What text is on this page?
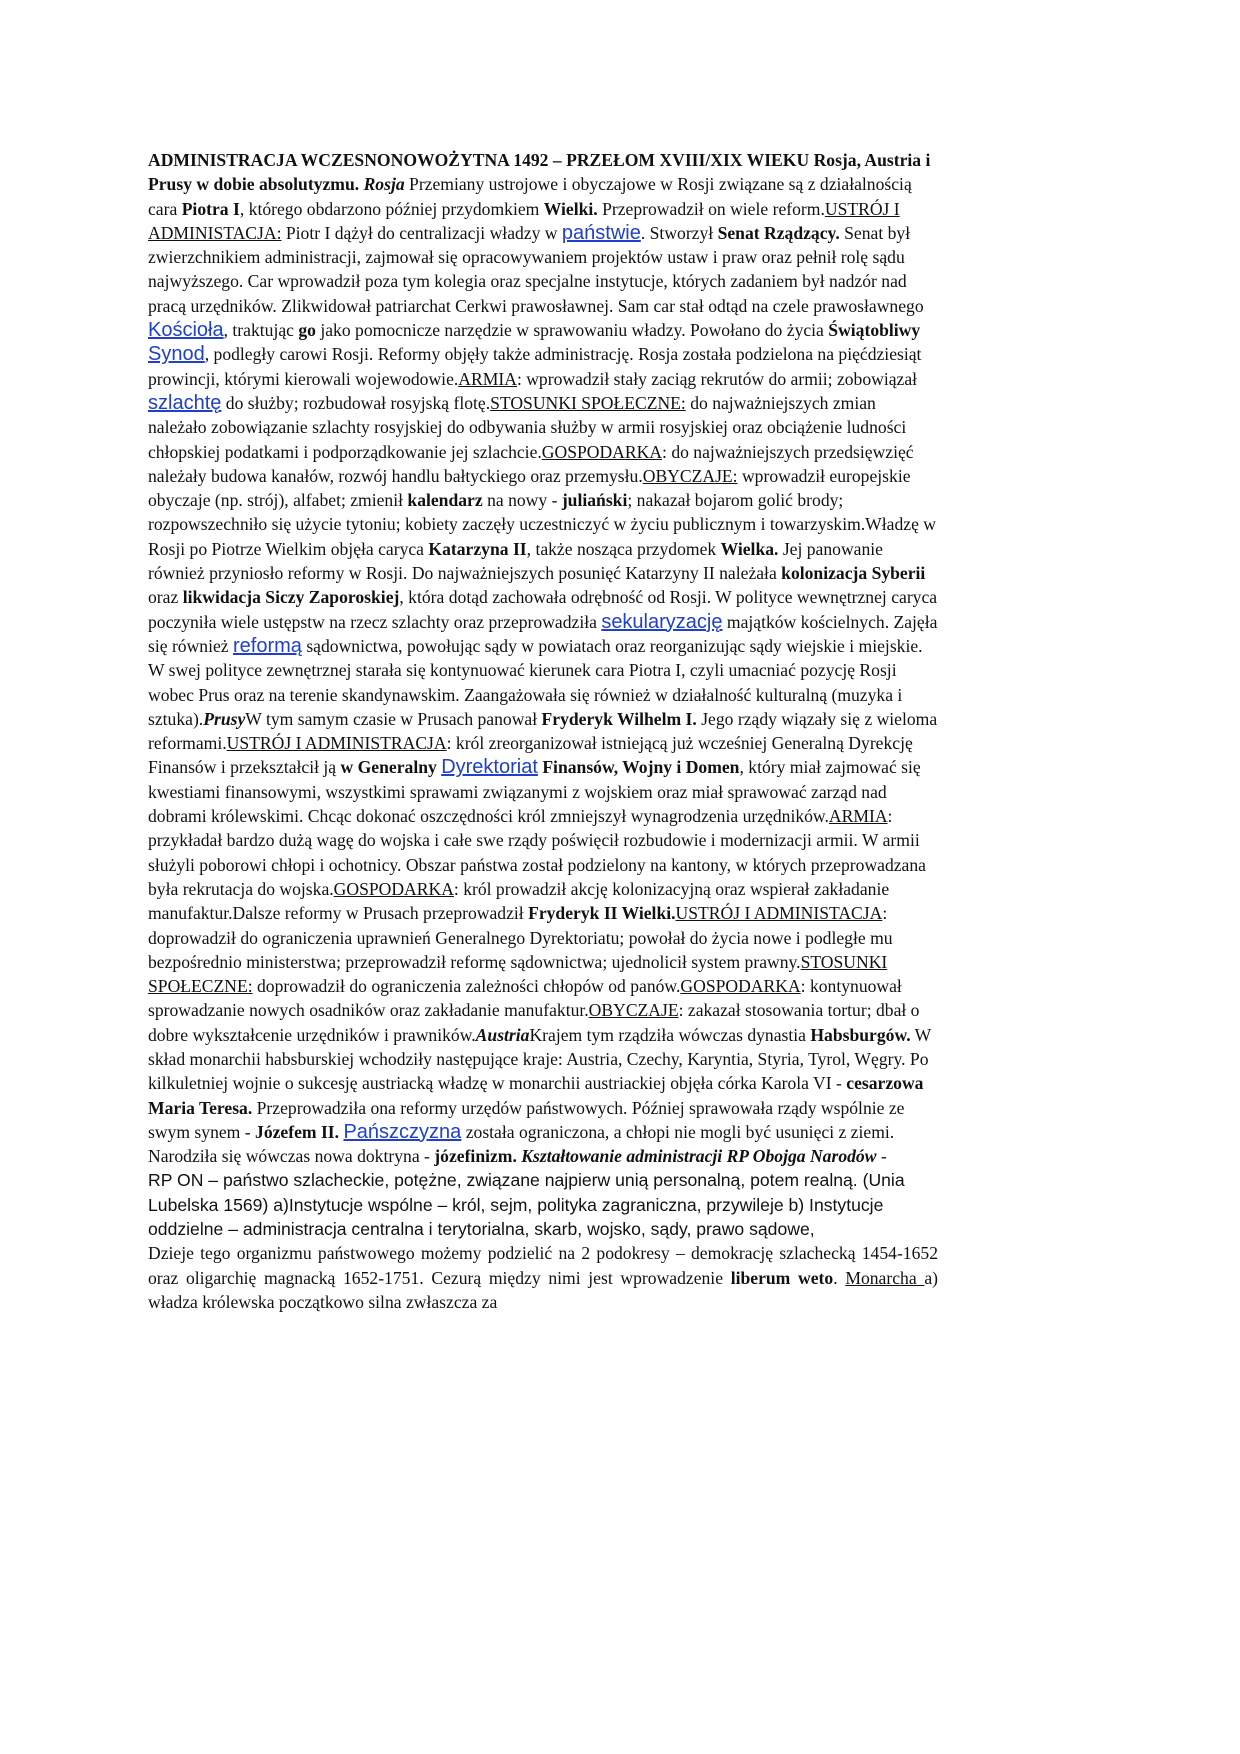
ADMINISTRACJA WCZESNONOWOŻYTNA 1492 – PRZEŁOM XVIII/XIX WIEKU Rosja, Austria i Prusy w dobie absolutyzmu. Rosja Przemiany ustrojowe i obyczajowe w Rosji związane są z działalnością cara Piotra I, którego obdarzono później przydomkiem Wielki. Przeprowadził on wiele reform.USTRÓJ I ADMINISTACJA: Piotr I dążył do centralizacji władzy w państwie. Stworzył Senat Rządzący. Senat był zwierzchnikiem administracji, zajmował się opracowywaniem projektów ustaw i praw oraz pełnił rolę sądu najwyższego. Car wprowadził poza tym kolegia oraz specjalne instytucje, których zadaniem był nadzór nad pracą urzędników. Zlikwidował patriarchat Cerkwi prawosławnej. Sam car stał odtąd na czele prawosławnego Kościoła, traktując go jako pomocnicze narzędzie w sprawowaniu władzy. Powołano do życia Świątobliwy Synod, podległy carowi Rosji. Reformy objęły także administrację. Rosja została podzielona na pięćdziesiąt prowincji, którymi kierowali wojewodowie.ARMIA: wprowadził stały zaciąg rekrutów do armii; zobowiązał szlachtę do służby; rozbudował rosyjską flotę.STOSUNKI SPOŁECZNE: do najważniejszych zmian należało zobowiązanie szlachty rosyjskiej do odbywania służby w armii rosyjskiej oraz obciążenie ludności chłopskiej podatkami i podporządkowanie jej szlachcie.GOSPODARKA: do najważniejszych przedsięwzięć należały budowa kanałów, rozwój handlu bałtyckiego oraz przemysłu.OBYCZAJE: wprowadził europejskie obyczaje (np. strój), alfabet; zmienił kalendarz na nowy - juliański; nakazał bojarom golić brody; rozpowszechniło się użycie tytoniu; kobiety zaczęły uczestniczyć w życiu publicznym i towarzyskim.Władzę w Rosji po Piotrze Wielkim objęła caryca Katarzyna II, także nosząca przydomek Wielka. Jej panowanie również przyniosło reformy w Rosji. Do najważniejszych posunięć Katarzyny II należała kolonizacja Syberii oraz likwidacja Siczy Zaporoskiej, która dotąd zachowała odrębność od Rosji. W polityce wewnętrznej caryca poczyniła wiele ustępstw na rzecz szlachty oraz przeprowadziła sekularyzację majątków kościelnych. Zajęła się również reformą sądownictwa, powołując sądy w powiatach oraz reorganizując sądy wiejskie i miejskie. W swej polityce zewnętrznej starała się kontynuować kierunek cara Piotra I, czyli umacniać pozycję Rosji wobec Prus oraz na terenie skandynawskim. Zaangażowała się również w działalność kulturalną (muzyka i sztuka).PrusyW tym samym czasie w Prusach panował Fryderyk Wilhelm I. Jego rządy wiązały się z wieloma reformami.USTRÓJ I ADMINISTRACJA: król zreorganizował istniejącą już wcześniej Generalną Dyrekcję Finansów i przekształcił ją w Generalny Dyrektoriat Finansów, Wojny i Domen, który miał zajmować się kwestiami finansowymi, wszystkimi sprawami związanymi z wojskiem oraz miał sprawować zarząd nad dobrami królewskimi. Chcąc dokonać oszczędności król zmniejszył wynagrodzenia urzędników.ARMIA: przykładał bardzo dużą wagę do wojska i całe swe rządy poświęcił rozbudowie i modernizacji armii. W armii służyli poborowi chłopi i ochotnicy. Obszar państwa został podzielony na kantony, w których przeprowadzana była rekrutacja do wojska.GOSPODARKA: król prowadził akcję kolonizacyjną oraz wspierał zakładanie manufaktur.Dalsze reformy w Prusach przeprowadził Fryderyk II Wielki.USTRÓJ I ADMINISTACJA: doprowadził do ograniczenia uprawnień Generalnego Dyrektoriatu; powołał do życia nowe i podległe mu bezpośrednio ministerstwa; przeprowadził reformę sądownictwa; ujednolicił system prawny.STOSUNKI SPOŁECZNE: doprowadził do ograniczenia zależności chłopów od panów.GOSPODARKA: kontynuował sprowadzanie nowych osadników oraz zakładanie manufaktur.OBYCZAJE: zakazał stosowania tortur; dbał o dobre wykształcenie urzędników i prawników.AustriaKrajem tym rządziła wówczas dynastia Habsburgów. W skład monarchii habsburskiej wchodziły następujące kraje: Austria, Czechy, Karyntia, Styria, Tyrol, Węgry. Po kilkuletniej wojnie o sukcesję austriacką władzę w monarchii austriackiej objęła córka Karola VI - cesarzowa Maria Teresa. Przeprowadziła ona reformy urzędów państwowych. Później sprawowała rządy wspólnie ze swym synem - Józefem II. Pańszczyzna została ograniczona, a chłopi nie mogli być usunięci z ziemi. Narodziła się wówczas nowa doktryna - józefinizm. Kształtowanie administracji RP Obojga Narodów -

RP ON – państwo szlacheckie, potężne, związane najpierw unią personalną, potem realną. (Unia Lubelska 1569) a)Instytucje wspólne – król, sejm, polityka zagraniczna, przywileje b) Instytucje oddzielne – administracja centralna i terytorialna, skarb, wojsko, sądy, prawo sądowe,

Dzieje tego organizmu państwowego możemy podzielić na 2 podokresy – demokrację szlachecką 1454-1652 oraz oligarchię magnacką 1652-1751. Cezurą między nimi jest wprowadzenie liberum weto. Monarcha a) władza królewska początkowo silna zwłaszcza za
